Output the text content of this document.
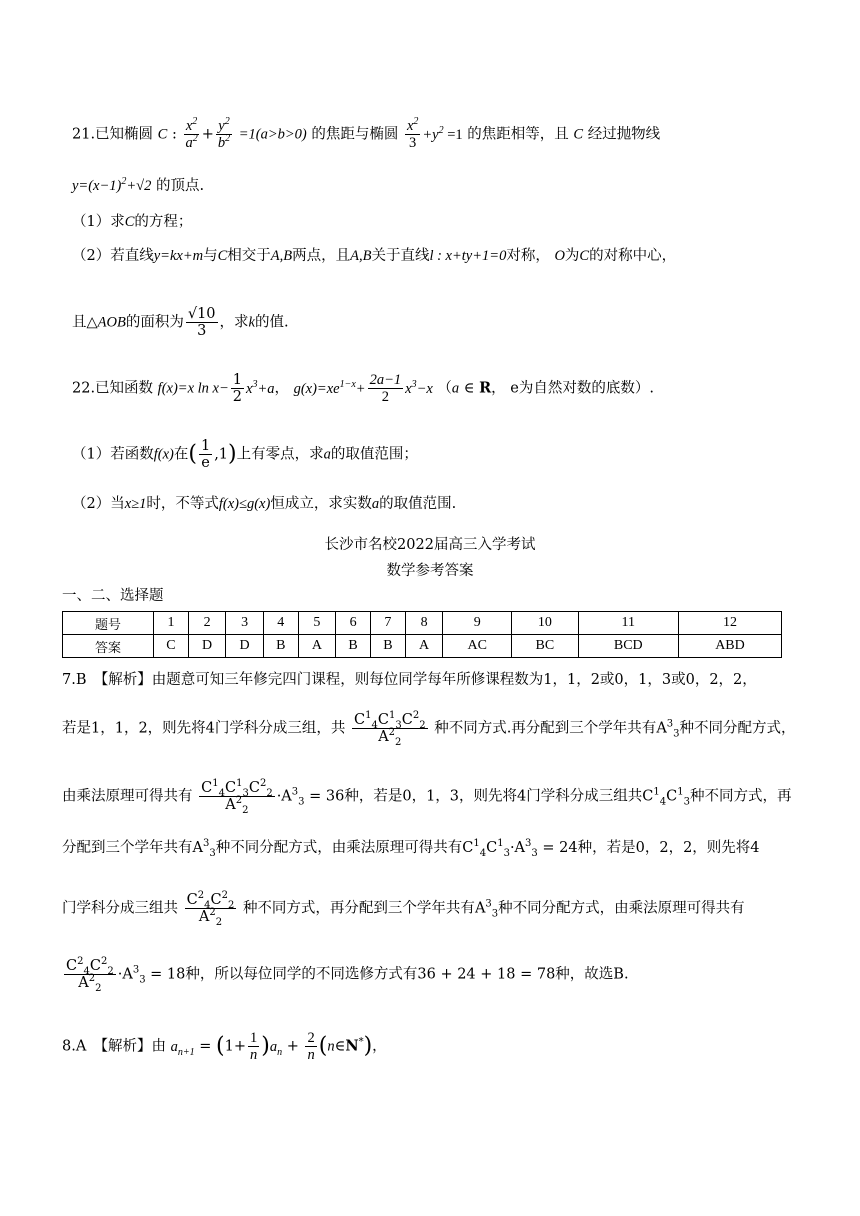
21.已知椭圆 C : $\frac{x^2}{a^2} + \frac{y^2}{b^2} =1(a>b>0)$ 的焦距与椭圆 $\frac{x^2}{3} +y^2 =1$ 的焦距相等，且 C 经过抛物线
$y=(x-1)^2+√2$ 的顶点.
（1）求C的方程；
（2）若直线y=kx+m与C相交于A,B两点，且A,B关于直线l : x+ty+1=0对称， O为C的对称中心，
且△AOB的面积为 $\frac{√10}{3}$ ，求k的值.
22.已知函数 f(x)=x $\ln x- \frac{1}{2} x^3+a$， $g(x)=xe^{1-x}+ \frac{2a-1}{2} x^3-x$ （a ∈ R， e为自然对数的底数）.
（1）若函数f(x)在( $\frac{1}{e} ,1$)上有零点，求a的取值范围；
（2）当x≥1时，不等式f(x)≤g(x)恒成立，求实数a的取值范围.
长沙市名校2022届高三入学考试
数学参考答案
一、二、选择题
题号	1	2	3	4	5	6	7	8	9	10	11	12
答案	C	D	D	B	A	B	B	A	AC	BC	BCD	ABD
7.B　【解析】由题意可知三年修完四门课程，则每位同学每年所修课程数为1，1，2或0，1，3或0，2，2，
若是1，1，2，则先将4门学科分成三组，共 $\frac{C^1_4C^1_3C^2_2}{A^2_2}$ 种不同方式.再分配到三个学年共有$A^3_3$种不同分配方式，
由乘法原理可得共有 $\frac{C^1_4C^1_3C^2_2}{A^2_2} \cdot A^3_3 = 36$种，若是0，1，3，则先将4门学科分成三组共$C^1_4C^1_3$种不同方式，再
分配到三个学年共有$A^3_3$种不同分配方式，由乘法原理可得共有$C^1_4C^1_3\cdot A^3_3 = 24$种，若是0，2，2，则先将4
门学科分成三组共 $\frac{C^2_4C^2_2}{A^2_2}$ 种不同方式，再分配到三个学年共有$A^3_3$种不同分配方式，由乘法原理可得共有
$\frac{C^2_4C^2_2}{A^2_2} \cdot A^3_3 = 18$种，所以每位同学的不同选修方式有36 + 24 + 18 = 78种，故选B.
8.A　【解析】由 $a_{n+1} = (1+ \frac{1}{n} )a_n + \frac{2}{n}$ (n∈N*)，
